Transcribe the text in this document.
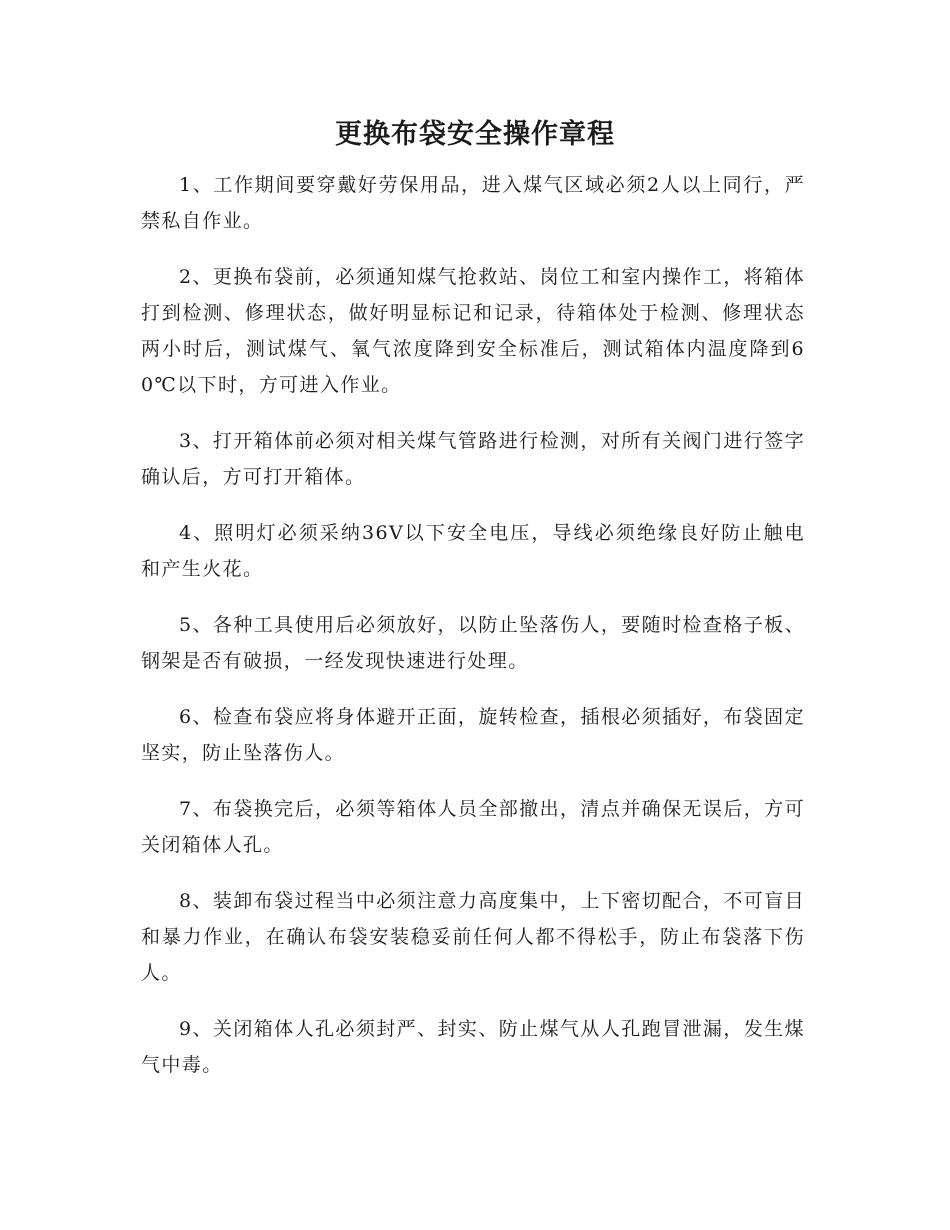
更换布袋安全操作章程

1、工作期间要穿戴好劳保用品，进入煤气区域必须2人以上同行，严禁私自作业。

2、更换布袋前，必须通知煤气抢救站、岗位工和室内操作工，将箱体打到检测、修理状态，做好明显标记和记录，待箱体处于检测、修理状态两小时后，测试煤气、氧气浓度降到安全标准后，测试箱体内温度降到60℃以下时，方可进入作业。

3、打开箱体前必须对相关煤气管路进行检测，对所有关阀门进行签字确认后，方可打开箱体。

4、照明灯必须采纳36V以下安全电压，导线必须绝缘良好防止触电和产生火花。

5、各种工具使用后必须放好，以防止坠落伤人，要随时检查格子板、钢架是否有破损，一经发现快速进行处理。

6、检查布袋应将身体避开正面，旋转检查，插根必须插好，布袋固定坚实，防止坠落伤人。

7、布袋换完后，必须等箱体人员全部撤出，清点并确保无误后，方可关闭箱体人孔。

8、装卸布袋过程当中必须注意力高度集中，上下密切配合，不可盲目和暴力作业，在确认布袋安装稳妥前任何人都不得松手，防止布袋落下伤人。

9、关闭箱体人孔必须封严、封实、防止煤气从人孔跑冒泄漏，发生煤气中毒。
